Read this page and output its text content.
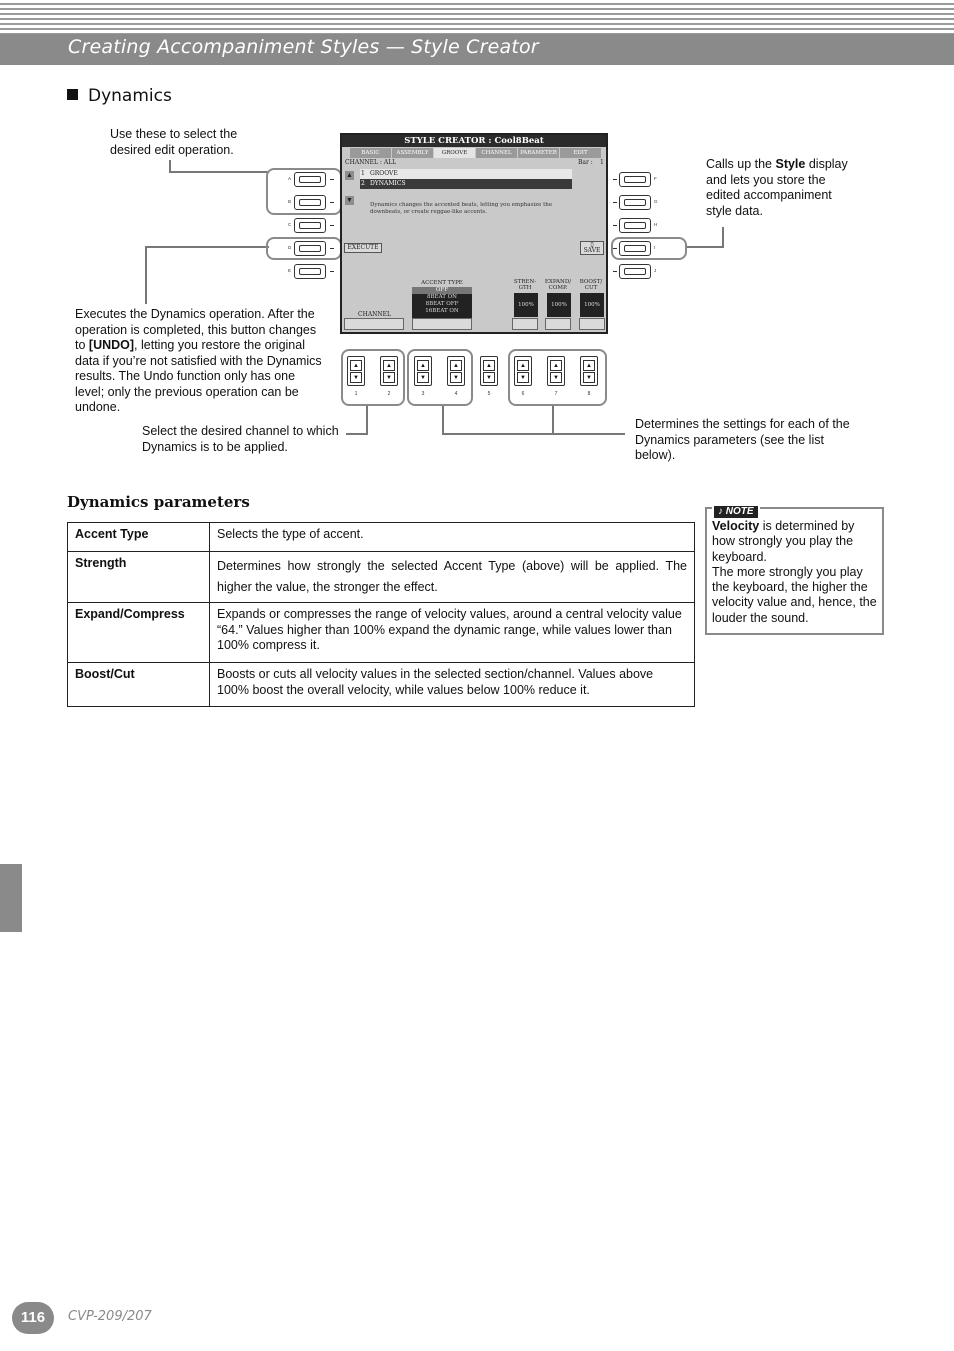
Creating Accompaniment Styles — Style Creator
Dynamics
Use these to select the desired edit operation.
Calls up the Style display and lets you store the edited accompaniment style data.
Executes the Dynamics operation. After the operation is completed, this button changes to [UNDO], letting you restore the original data if you’re not satisfied with the Dynamics results. The Undo function only has one level; only the previous operation can be undone.
Select the desired channel to which Dynamics is to be applied.
Determines the settings for each of the Dynamics parameters (see the list below).
A
B
C
D
E
F
G
H
I
J
STYLE CREATOR : Cool8Beat
BASIC	ASSEMBLY	GROOVE	CHANNEL	PARAMETER	EDIT
CHANNEL : ALL	Bar : 1
▲
▼
1 GROOVE
2 DYNAMICS
Dynamics changes the accented beats, letting you emphasize the downbeats, or create reggae-like accents.
EXECUTE	▯
SAVE
ACCENT TYPE
OFF
8BEAT ON
8BEAT OFF
16BEAT ON
STREN-GTH
EXPAND/ COMP.
BOOST/ CUT
100%	100%	100%
CHANNEL
▲
▼
▲
▼
▲
▼
▲
▼
▲
▼
▲
▼
▲
▼
▲
▼
1	2	3	4	5	6	7	8
Dynamics parameters
Accent Type	Selects the type of accent.
Strength	Determines how strongly the selected Accent Type (above) will be applied. The higher the value, the stronger the effect.
Expand/Compress	Expands or compresses the range of velocity values, around a central velocity value “64.” Values higher than 100% expand the dynamic range, while values lower than 100% compress it.
Boost/Cut	Boosts or cuts all velocity values in the selected section/channel. Values above 100% boost the overall velocity, while values below 100% reduce it.
♪ NOTE
Velocity is determined by how strongly you play the keyboard.
The more strongly you play the keyboard, the higher the velocity value and, hence, the louder the sound.
116	CVP-209/207
